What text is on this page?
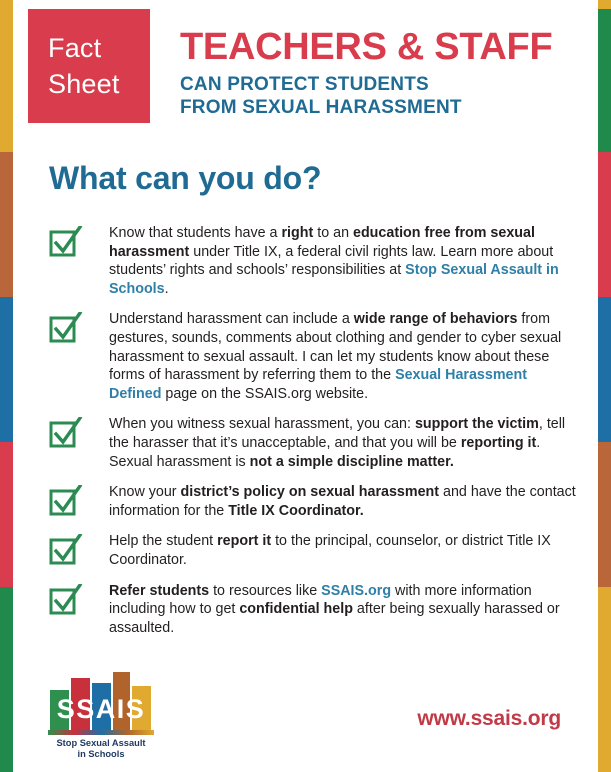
Fact
Sheet
TEACHERS & STAFF
CAN PROTECT STUDENTS
FROM SEXUAL HARASSMENT
What can you do?
Know that students have a right to an education free from sexual harassment under Title IX, a federal civil rights law. Learn more about students’ rights and schools’ responsibilities at Stop Sexual Assault in Schools.
Understand harassment can include a wide range of behaviors from gestures, sounds, comments about clothing and gender to cyber sexual harassment to sexual assault. I can let my students know about these forms of harassment by referring them to the Sexual Harassment Defined page on the SSAIS.org website.
When you witness sexual harassment, you can: support the victim, tell the harasser that it’s unacceptable, and that you will be reporting it. Sexual harassment is not a simple discipline matter.
Know your district’s policy on sexual harassment and have the contact information for the Title IX Coordinator.
Help the student report it to the principal, counselor, or district Title IX Coordinator.
Refer students to resources like SSAIS.org with more information including how to get confidential help after being sexually harassed or assaulted.
SSAIS
Stop Sexual Assault
in Schools
www.ssais.org
